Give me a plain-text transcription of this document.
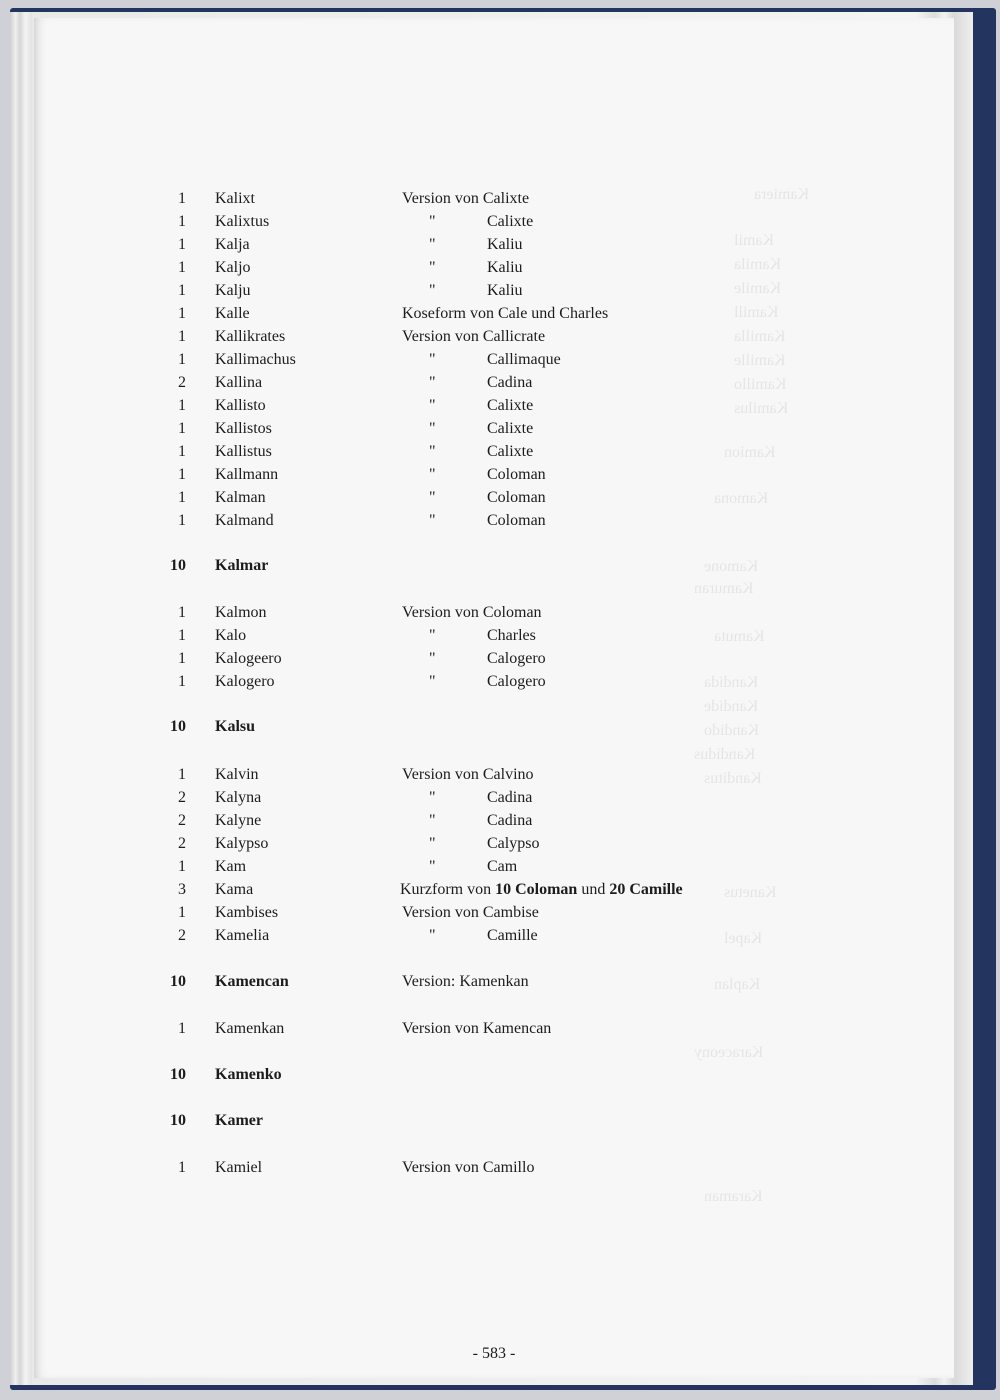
Kamiera
Kamil
Kamila
Kamile
Kamill
Kamilla
Kamille
Kamillo
Kamilus
Kamion
Kamona
Kamone
Kamuran
Kamuta
Kandida
Kandide
Kandido
Kandidus
Kanditus
Kanetus
Kapel
Kaplan
Karaceony
Karaman
1 Kalixt	Version von Calixte
1 Kalixtus	"	Calixte
1 Kalja	"	Kaliu
1 Kaljo	"	Kaliu
1 Kalju	"	Kaliu
1 Kalle	Koseform von Cale und Charles
1 Kallikrates	Version von Callicrate
1 Kallimachus	"	Callimaque
2 Kallina	"	Cadina
1 Kallisto	"	Calixte
1 Kallistos	"	Calixte
1 Kallistus	"	Calixte
1 Kallmann	"	Coloman
1 Kalman	"	Coloman
1 Kalmand	"	Coloman
10 Kalmar
1 Kalmon	Version von Coloman
1 Kalo	"	Charles
1 Kalogeero	"	Calogero
1 Kalogero	"	Calogero
10 Kalsu
1 Kalvin	Version von Calvino
2 Kalyna	"	Cadina
2 Kalyne	"	Cadina
2 Kalypso	"	Calypso
1 Kam	"	Cam
3 Kama	Kurzform von 10 Coloman und 20 Camille
1 Kambises	Version von Cambise
2 Kamelia	"	Camille
10 Kamencan	Version: Kamenkan
1 Kamenkan	Version von Kamencan
10 Kamenko
10 Kamer
1 Kamiel	Version von Camillo
- 583 -
